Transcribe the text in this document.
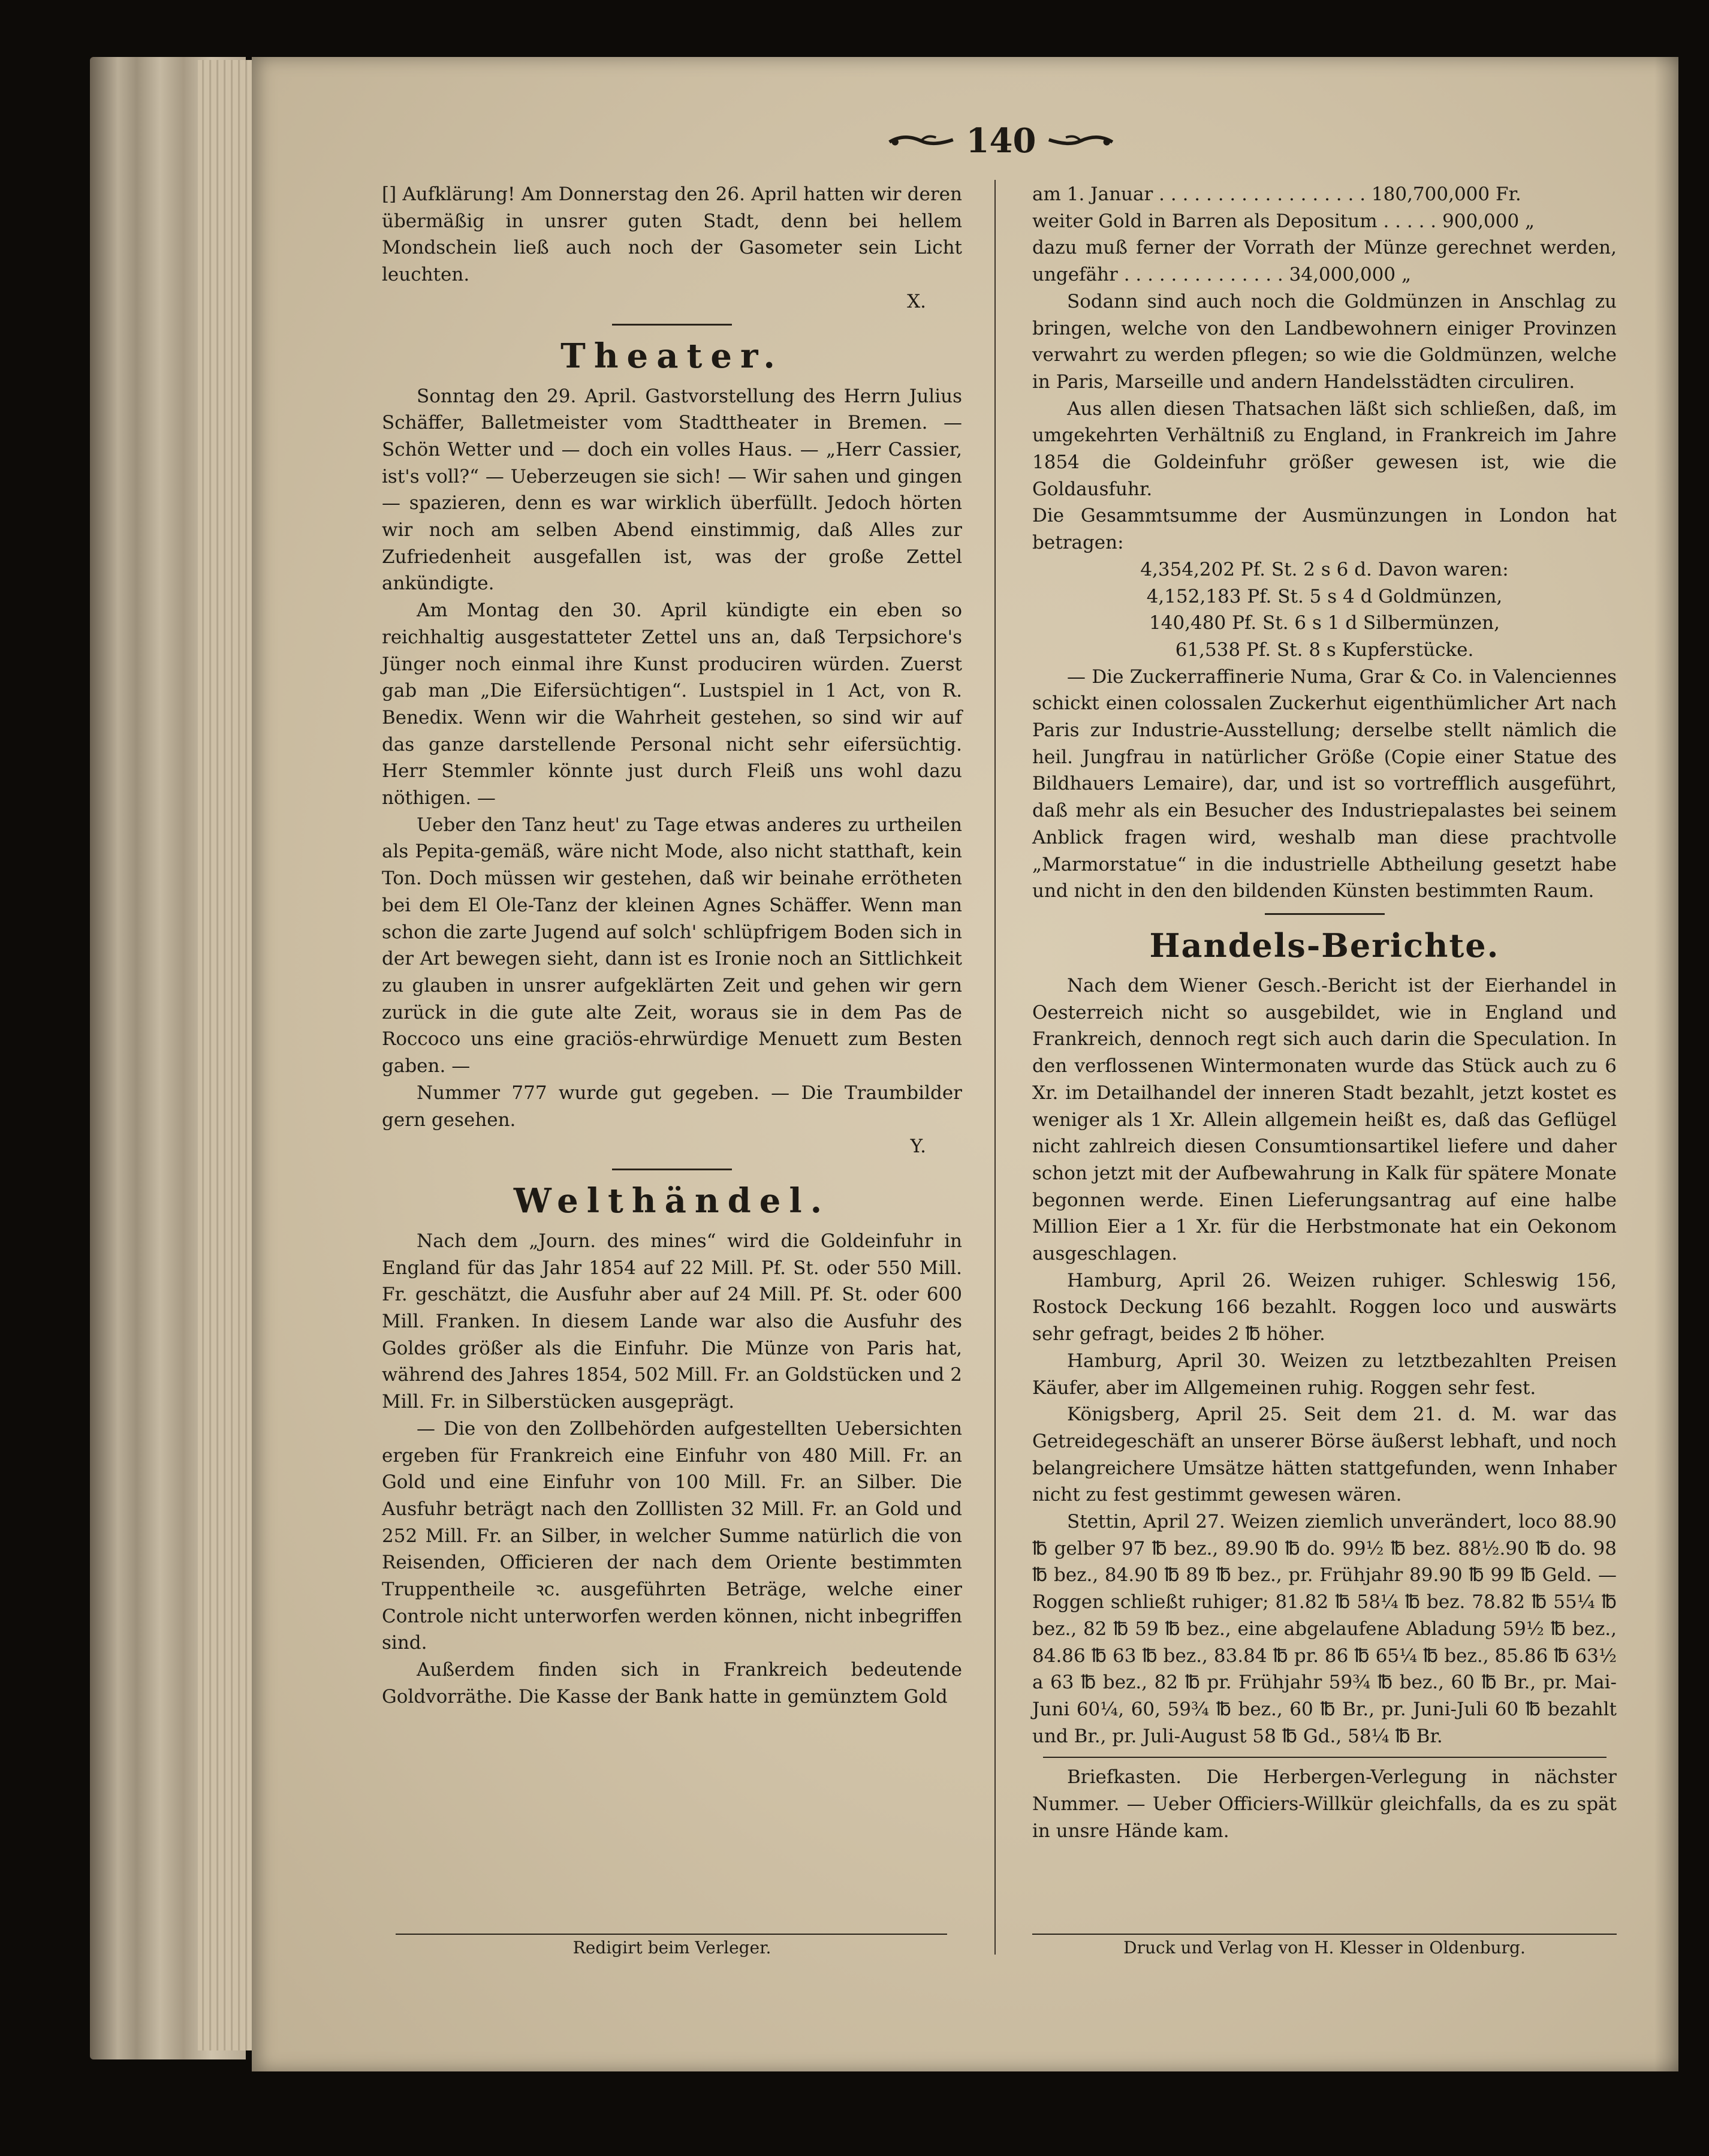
140

[] Aufklärung! Am Donnerstag den 26. April hatten wir deren übermäßig in unsrer guten Stadt, denn bei hellem Mondschein ließ auch noch der Gasometer sein Licht leuchten.

X.

Theater.

Sonntag den 29. April. Gastvorstellung des Herrn Julius Schäffer, Balletmeister vom Stadttheater in Bremen. — Schön Wetter und — doch ein volles Haus. — „Herr Cassier, ist's voll?“ — Ueberzeugen sie sich! — Wir sahen und gingen — spazieren, denn es war wirklich überfüllt. Jedoch hörten wir noch am selben Abend einstimmig, daß Alles zur Zufriedenheit ausgefallen ist, was der große Zettel ankündigte.

Am Montag den 30. April kündigte ein eben so reichhaltig ausgestatteter Zettel uns an, daß Terpsichore's Jünger noch einmal ihre Kunst produciren würden. Zuerst gab man „Die Eifersüchtigen“. Lustspiel in 1 Act, von R. Benedix. Wenn wir die Wahrheit gestehen, so sind wir auf das ganze darstellende Personal nicht sehr eifersüchtig. Herr Stemmler könnte just durch Fleiß uns wohl dazu nöthigen. —

Ueber den Tanz heut' zu Tage etwas anderes zu urtheilen als Pepita-gemäß, wäre nicht Mode, also nicht statthaft, kein Ton. Doch müssen wir gestehen, daß wir beinahe errötheten bei dem El Ole-Tanz der kleinen Agnes Schäffer. Wenn man schon die zarte Jugend auf solch' schlüpfrigem Boden sich in der Art bewegen sieht, dann ist es Ironie noch an Sittlichkeit zu glauben in unsrer aufgeklärten Zeit und gehen wir gern zurück in die gute alte Zeit, woraus sie in dem Pas de Roccoco uns eine graciös-ehrwürdige Menuett zum Besten gaben. —

Nummer 777 wurde gut gegeben. — Die Traumbilder gern gesehen.

Y.

Welthändel.

Nach dem „Journ. des mines“ wird die Goldeinfuhr in England für das Jahr 1854 auf 22 Mill. Pf. St. oder 550 Mill. Fr. geschätzt, die Ausfuhr aber auf 24 Mill. Pf. St. oder 600 Mill. Franken. In diesem Lande war also die Ausfuhr des Goldes größer als die Einfuhr. Die Münze von Paris hat, während des Jahres 1854, 502 Mill. Fr. an Goldstücken und 2 Mill. Fr. in Silberstücken ausgeprägt.

— Die von den Zollbehörden aufgestellten Uebersichten ergeben für Frankreich eine Einfuhr von 480 Mill. Fr. an Gold und eine Einfuhr von 100 Mill. Fr. an Silber. Die Ausfuhr beträgt nach den Zolllisten 32 Mill. Fr. an Gold und 252 Mill. Fr. an Silber, in welcher Summe natürlich die von Reisenden, Officieren der nach dem Oriente bestimmten Truppentheile ꝛc. ausgeführten Beträge, welche einer Controle nicht unterworfen werden können, nicht inbegriffen sind.

Außerdem finden sich in Frankreich bedeutende Goldvorräthe. Die Kasse der Bank hatte in gemünztem Gold

am 1. Januar . . . . . . . . . . . . . . . . . . 180,700,000 Fr.

weiter Gold in Barren als Depositum . . . . . 900,000 „

dazu muß ferner der Vorrath der Münze gerechnet werden, ungefähr . . . . . . . . . . . . . . 34,000,000 „

Sodann sind auch noch die Goldmünzen in Anschlag zu bringen, welche von den Landbewohnern einiger Provinzen verwahrt zu werden pflegen; so wie die Goldmünzen, welche in Paris, Marseille und andern Handelsstädten circuliren.

Aus allen diesen Thatsachen läßt sich schließen, daß, im umgekehrten Verhältniß zu England, in Frankreich im Jahre 1854 die Goldeinfuhr größer gewesen ist, wie die Goldausfuhr.

Die Gesammtsumme der Ausmünzungen in London hat betragen:

4,354,202 Pf. St. 2 s 6 d. Davon waren:

4,152,183 Pf. St. 5 s 4 d Goldmünzen,

140,480 Pf. St. 6 s 1 d Silbermünzen,

61,538 Pf. St. 8 s Kupferstücke.

— Die Zuckerraffinerie Numa, Grar & Co. in Valenciennes schickt einen colossalen Zuckerhut eigenthümlicher Art nach Paris zur Industrie-Ausstellung; derselbe stellt nämlich die heil. Jungfrau in natürlicher Größe (Copie einer Statue des Bildhauers Lemaire), dar, und ist so vortrefflich ausgeführt, daß mehr als ein Besucher des Industriepalastes bei seinem Anblick fragen wird, weshalb man diese prachtvolle „Marmorstatue“ in die industrielle Abtheilung gesetzt habe und nicht in den den bildenden Künsten bestimmten Raum.

Handels-Berichte.

Nach dem Wiener Gesch.-Bericht ist der Eierhandel in Oesterreich nicht so ausgebildet, wie in England und Frankreich, dennoch regt sich auch darin die Speculation. In den verflossenen Wintermonaten wurde das Stück auch zu 6 Xr. im Detailhandel der inneren Stadt bezahlt, jetzt kostet es weniger als 1 Xr. Allein allgemein heißt es, daß das Geflügel nicht zahlreich diesen Consumtionsartikel liefere und daher schon jetzt mit der Aufbewahrung in Kalk für spätere Monate begonnen werde. Einen Lieferungsantrag auf eine halbe Million Eier a 1 Xr. für die Herbstmonate hat ein Oekonom ausgeschlagen.

Hamburg, April 26. Weizen ruhiger. Schleswig 156, Rostock Deckung 166 bezahlt. Roggen loco und auswärts sehr gefragt, beides 2 ℔ höher.

Hamburg, April 30. Weizen zu letztbezahlten Preisen Käufer, aber im Allgemeinen ruhig. Roggen sehr fest.

Königsberg, April 25. Seit dem 21. d. M. war das Getreidegeschäft an unserer Börse äußerst lebhaft, und noch belangreichere Umsätze hätten stattgefunden, wenn Inhaber nicht zu fest gestimmt gewesen wären.

Stettin, April 27. Weizen ziemlich unverändert, loco 88.90 ℔ gelber 97 ℔ bez., 89.90 ℔ do. 99½ ℔ bez. 88½.90 ℔ do. 98 ℔ bez., 84.90 ℔ 89 ℔ bez., pr. Frühjahr 89.90 ℔ 99 ℔ Geld. — Roggen schließt ruhiger; 81.82 ℔ 58¼ ℔ bez. 78.82 ℔ 55¼ ℔ bez., 82 ℔ 59 ℔ bez., eine abgelaufene Abladung 59½ ℔ bez., 84.86 ℔ 63 ℔ bez., 83.84 ℔ pr. 86 ℔ 65¼ ℔ bez., 85.86 ℔ 63½ a 63 ℔ bez., 82 ℔ pr. Frühjahr 59¾ ℔ bez., 60 ℔ Br., pr. Mai-Juni 60¼, 60, 59¾ ℔ bez., 60 ℔ Br., pr. Juni-Juli 60 ℔ bezahlt und Br., pr. Juli-August 58 ℔ Gd., 58¼ ℔ Br.

Briefkasten. Die Herbergen-Verlegung in nächster Nummer. — Ueber Officiers-Willkür gleichfalls, da es zu spät in unsre Hände kam.

Redigirt beim Verleger.	Druck und Verlag von H. Klesser in Oldenburg.
